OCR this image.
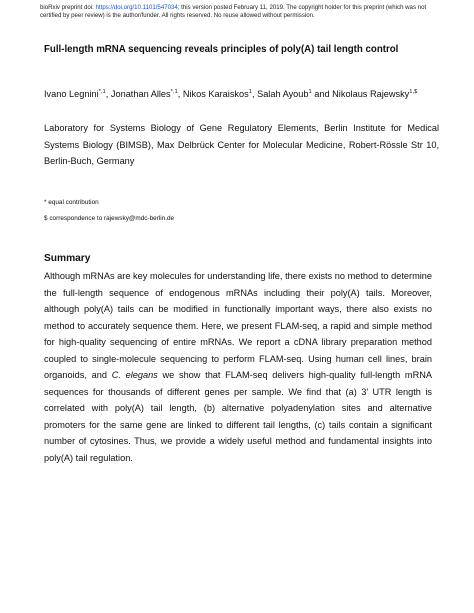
bioRxiv preprint doi: https://doi.org/10.1101/547034; this version posted February 11, 2019. The copyright holder for this preprint (which was not certified by peer review) is the author/funder. All rights reserved. No reuse allowed without permission.
Full-length mRNA sequencing reveals principles of poly(A) tail length control
Ivano Legnini$^{*,1}$, Jonathan Alles$^{*,1}$, Nikos Karaiskos$^1$, Salah Ayoub$^1$ and Nikolaus Rajewsky$^{1,\$}$
Laboratory for Systems Biology of Gene Regulatory Elements, Berlin Institute for Medical Systems Biology (BIMSB), Max Delbrück Center for Molecular Medicine, Robert-Rössle Str 10, Berlin-Buch, Germany
* equal contribution
$ correspondence to rajewsky@mdc-berlin.de
Summary

Although mRNAs are key molecules for understanding life, there exists no method to determine the full-length sequence of endogenous mRNAs including their poly(A) tails. Moreover, although poly(A) tails can be modified in functionally important ways, there also exists no method to accurately sequence them. Here, we present FLAM-seq, a rapid and simple method for high-quality sequencing of entire mRNAs. We report a cDNA library preparation method coupled to single-molecule sequencing to perform FLAM-seq. Using human cell lines, brain organoids, and C. elegans we show that FLAM-seq delivers high-quality full-length mRNA sequences for thousands of different genes per sample. We find that (a) 3’ UTR length is correlated with poly(A) tail length, (b) alternative polyadenylation sites and alternative promoters for the same gene are linked to different tail lengths, (c) tails contain a significant number of cytosines. Thus, we provide a widely useful method and fundamental insights into poly(A) tail regulation.
